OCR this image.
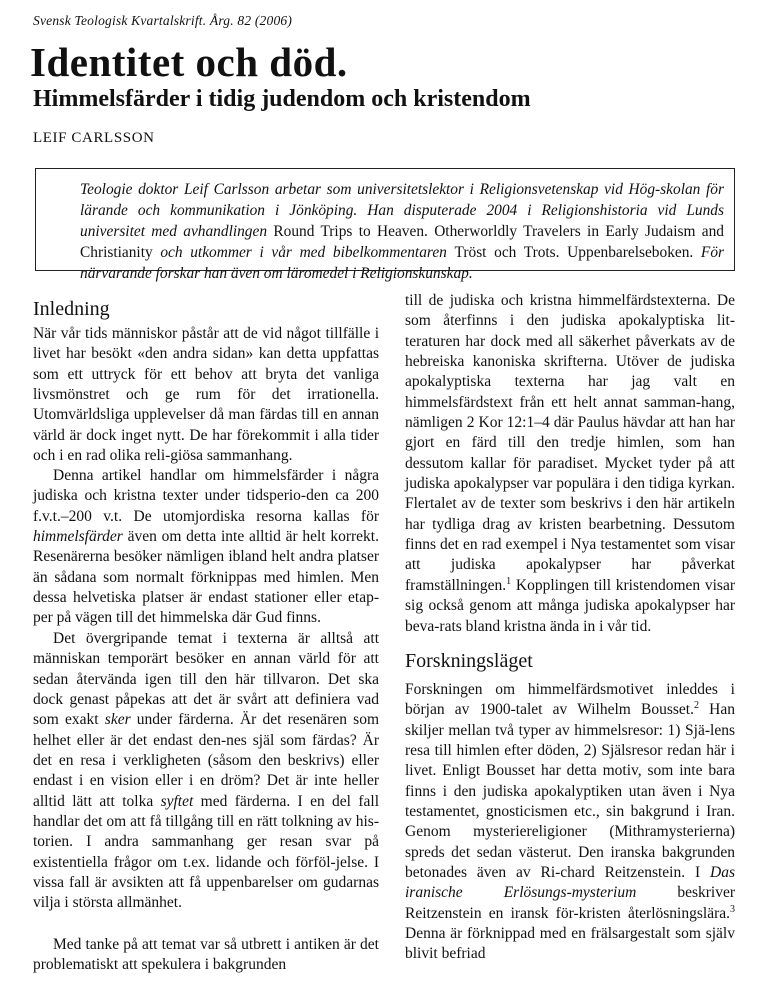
Svensk Teologisk Kvartalskrift. Årg. 82 (2006)
Identitet och död.
Himmelsfärder i tidig judendom och kristendom
LEIF CARLSSON
Teologie doktor Leif Carlsson arbetar som universitetslektor i Religionsvetenskap vid Hög-skolan för lärande och kommunikation i Jönköping. Han disputerade 2004 i Religionshistoria vid Lunds universitet med avhandlingen Round Trips to Heaven. Otherworldly Travelers in Early Judaism and Christianity och utkommer i vår med bibelkommentaren Tröst och Trots. Uppenbarelseboken. För närvarande forskar han även om läromedel i Religionskunskap.
Inledning
När vår tids människor påstår att de vid något tillfälle i livet har besökt «den andra sidan» kan detta uppfattas som ett uttryck för ett behov att bryta det vanliga livsmönstret och ge rum för det irrationella. Utomvärldsliga upplevelser då man färdas till en annan värld är dock inget nytt. De har förekommit i alla tider och i en rad olika reli-giösa sammanhang.
Denna artikel handlar om himmelsfärder i några judiska och kristna texter under tidsperio-den ca 200 f.v.t.–200 v.t. De utomjordiska resorna kallas för himmelsfärder även om detta inte alltid är helt korrekt. Resenärerna besöker nämligen ibland helt andra platser än sådana som normalt förknippas med himlen. Men dessa helvetiska platser är endast stationer eller etap-per på vägen till det himmelska där Gud finns.
Det övergripande temat i texterna är alltså att människan temporärt besöker en annan värld för att sedan återvända igen till den här tillvaron. Det ska dock genast påpekas att det är svårt att definiera vad som exakt sker under färderna. Är det resenären som helhet eller är det endast den-nes själ som färdas? Är det en resa i verkligheten (såsom den beskrivs) eller endast i en vision eller i en dröm? Det är inte heller alltid lätt att tolka syftet med färderna. I en del fall handlar det om att få tillgång till en rätt tolkning av his-torien. I andra sammanhang ger resan svar på existentiella frågor om t.ex. lidande och förföl-jelse. I vissa fall är avsikten att få uppenbarelser om gudarnas vilja i största allmänhet.
Med tanke på att temat var så utbrett i antiken är det problematiskt att spekulera i bakgrunden
till de judiska och kristna himmelfärdstexterna. De som återfinns i den judiska apokalyptiska lit-teraturen har dock med all säkerhet påverkats av de hebreiska kanoniska skrifterna. Utöver de judiska apokalyptiska texterna har jag valt en himmelsfärdstext från ett helt annat samman-hang, nämligen 2 Kor 12:1–4 där Paulus hävdar att han har gjort en färd till den tredje himlen, som han dessutom kallar för paradiset. Mycket tyder på att judiska apokalypser var populära i den tidiga kyrkan. Flertalet av de texter som beskrivs i den här artikeln har tydliga drag av kristen bearbetning. Dessutom finns det en rad exempel i Nya testamentet som visar att judiska apokalypser har påverkat framställningen.$^1$ Kopplingen till kristendomen visar sig också genom att många judiska apokalypser har beva-rats bland kristna ända in i vår tid.
Forskningsläget
Forskningen om himmelfärdsmotivet inleddes i början av 1900-talet av Wilhelm Bousset.$^2$ Han skiljer mellan två typer av himmelsresor: 1) Sjä-lens resa till himlen efter döden, 2) Själsresor redan här i livet. Enligt Bousset har detta motiv, som inte bara finns i den judiska apokalyptiken utan även i Nya testamentet, gnosticismen etc., sin bakgrund i Iran. Genom mysteriereligioner (Mithramysterierna) spreds det sedan västerut. Den iranska bakgrunden betonades även av Ri-chard Reitzenstein. I Das iranische Erlösungs-mysterium beskriver Reitzenstein en iransk för-kristen återlösningslära.$^3$ Denna är förknippad med en frälsargestalt som själv blivit befriad
